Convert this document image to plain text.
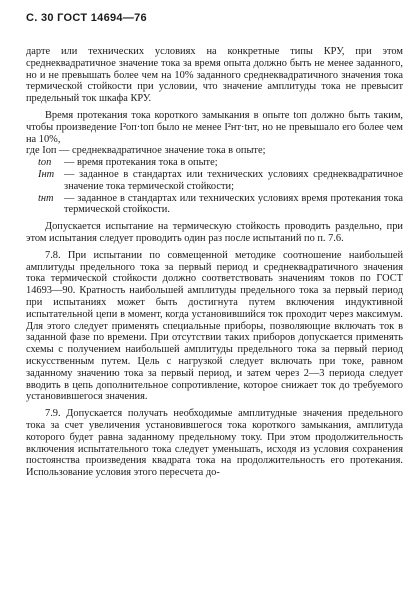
С. 30 ГОСТ 14694—76

дарте или технических условиях на конкретные типы КРУ, при этом среднеквадратичное значение тока за время опыта должно быть не менее заданного, но и не превышать более чем на 10% заданного среднеквадратичного значения тока термической стойкости при условии, что значение амплитуды тока не превысит предельный ток шкафа КРУ.

Время протекания тока короткого замыкания в опыте tоп должно быть таким, чтобы произведение I²оп·tоп было не менее I²нт·tнт, но не превышало его более чем на 10%,

где Iоп — среднеквадратичное значение тока в опыте;

tоп	— время протекания тока в опыте;
Iнт — заданное в стандартах или технических условиях среднеквадратичное значение тока термической стойкости;
tнт	— заданное в стандартах или технических условиях время протекания тока термической стойкости.

Допускается испытание на термическую стойкость проводить раздельно, при этом испытания следует проводить один раз после испытаний по п. 7.6.

7.8. При испытании по совмещенной методике соотношение наибольшей амплитуды предельного тока за первый период и среднеквадратичного значения тока термической стойкости должно соответствовать значениям токов по ГОСТ 14693—90. Кратность наибольшей амплитуды предельного тока за первый период при испытаниях может быть достигнута путем включения индуктивной испытательной цепи в момент, когда установившийся ток проходит через максимум. Для этого следует применять специальные приборы, позволяющие включать ток в заданной фазе по времени. При отсутствии таких приборов допускается применять схемы с получением наибольшей амплитуды предельного тока за первый период искусственным путем. Цель с нагрузкой следует включать при токе, равном заданному значению тока за первый период, и затем через 2—3 периода следует вводить в цепь дополнительное сопротивление, которое снижает ток до требуемого установившегося значения.

7.9. Допускается получать необходимые амплитудные значения предельного тока за счет увеличения установившегося тока короткого замыкания, амплитуда которого будет равна заданному предельному току. При этом продолжительность включения испытательного тока следует уменьшать, исходя из условия сохранения постоянства произведения квадрата тока на продолжительность его протекания. Использование условия этого пересчета до-
